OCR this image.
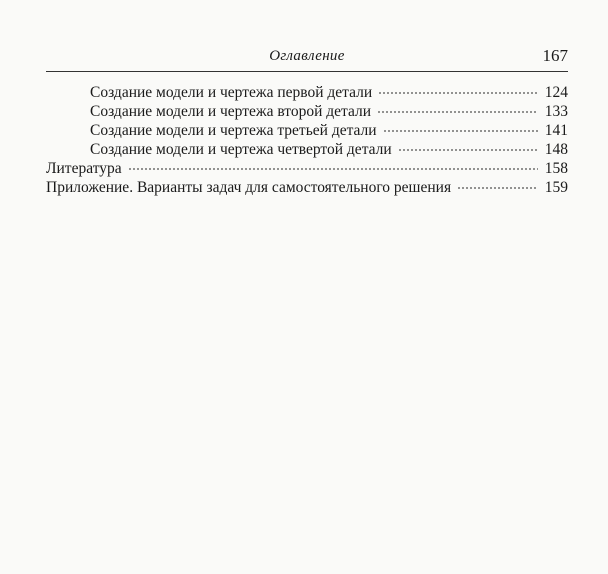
Оглавление	167
Создание модели и чертежа первой детали	124
Создание модели и чертежа второй детали	133
Создание модели и чертежа третьей детали	141
Создание модели и чертежа четвертой детали	148
Литература	158
Приложение. Варианты задач для самостоятельного решения	159
